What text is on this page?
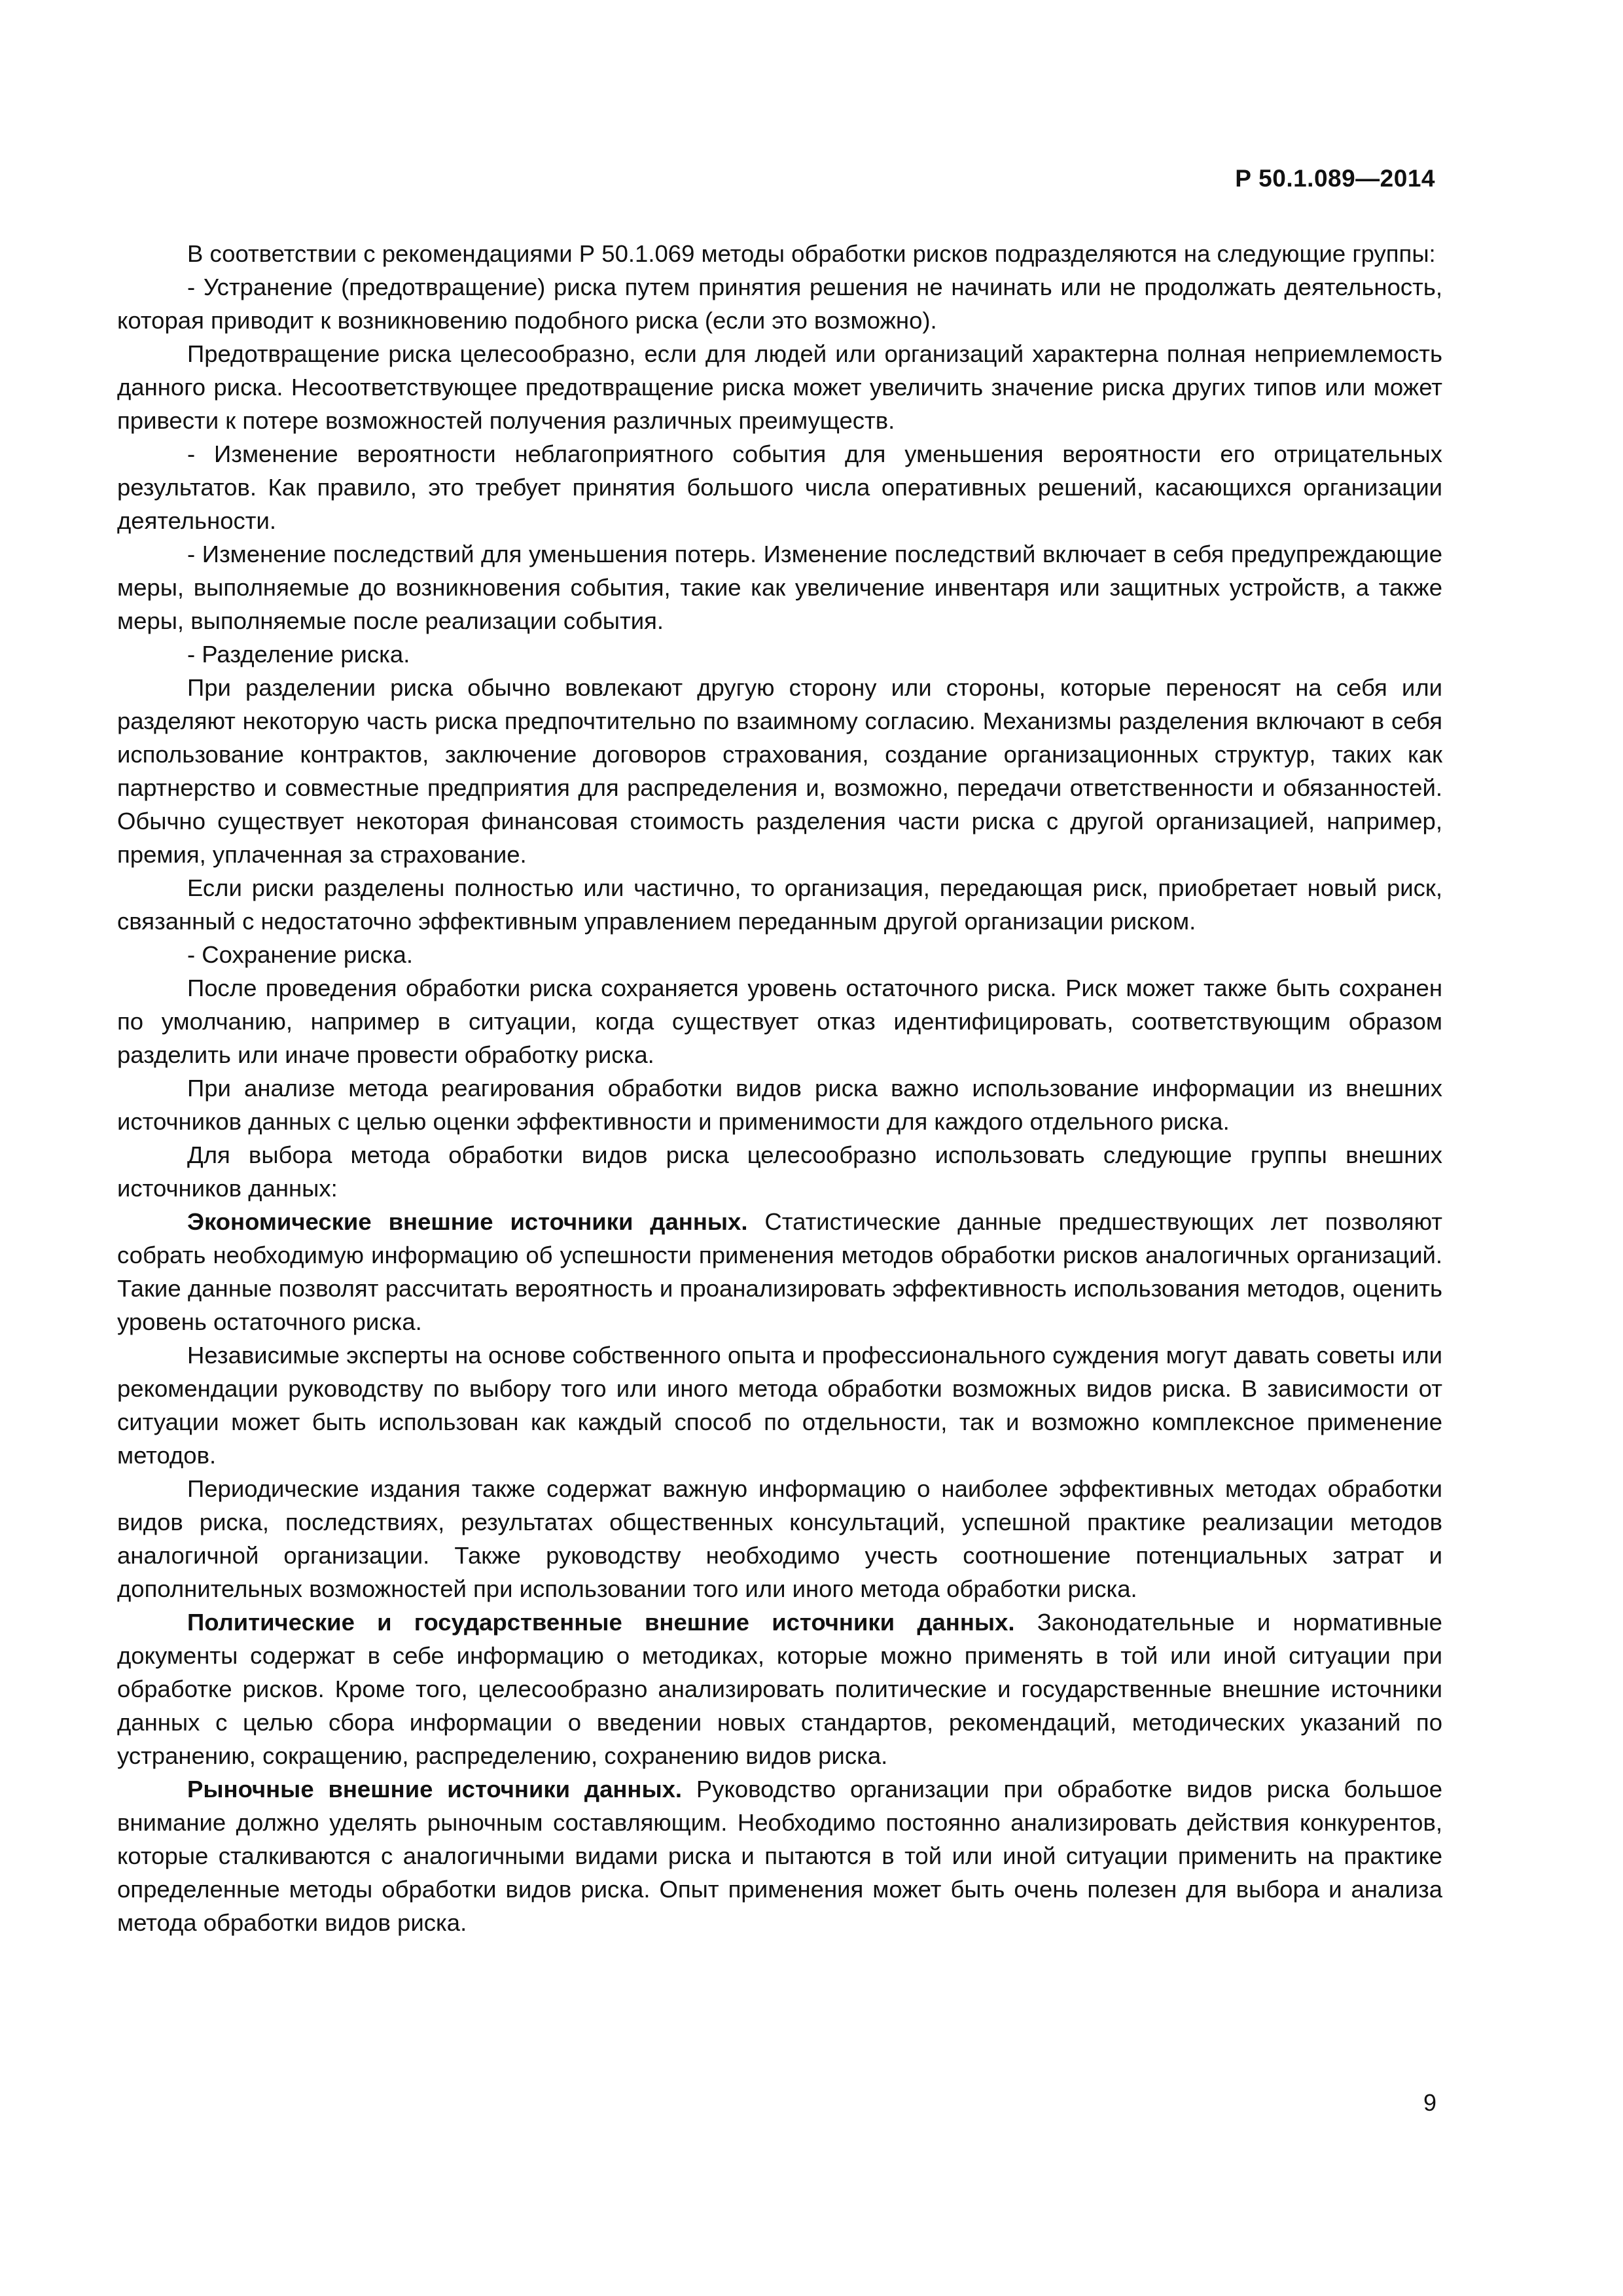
Р 50.1.089—2014

В соответствии с рекомендациями Р 50.1.069 методы обработки рисков подразделяются на следующие группы:

- Устранение (предотвращение) риска путем принятия решения не начинать или не продолжать деятельность, которая приводит к возникновению подобного риска (если это возможно).

Предотвращение риска целесообразно, если для людей или организаций характерна полная неприемлемость данного риска. Несоответствующее предотвращение риска может увеличить значение риска других типов или может привести к потере возможностей получения различных преимуществ.

- Изменение вероятности неблагоприятного события для уменьшения вероятности его отрицательных результатов. Как правило, это требует принятия большого числа оперативных решений, касающихся организации деятельности.

- Изменение последствий для уменьшения потерь. Изменение последствий включает в себя предупреждающие меры, выполняемые до возникновения события, такие как увеличение инвентаря или защитных устройств, а также меры, выполняемые после реализации события.

- Разделение риска.

При разделении риска обычно вовлекают другую сторону или стороны, которые переносят на себя или разделяют некоторую часть риска предпочтительно по взаимному согласию. Механизмы разделения включают в себя использование контрактов, заключение договоров страхования, создание организационных структур, таких как партнерство и совместные предприятия для распределения и, возможно, передачи ответственности и обязанностей. Обычно существует некоторая финансовая стоимость разделения части риска с другой организацией, например, премия, уплаченная за страхование.

Если риски разделены полностью или частично, то организация, передающая риск, приобретает новый риск, связанный с недостаточно эффективным управлением переданным другой организации риском.

- Сохранение риска.

После проведения обработки риска сохраняется уровень остаточного риска. Риск может также быть сохранен по умолчанию, например в ситуации, когда существует отказ идентифицировать, соответствующим образом разделить или иначе провести обработку риска.

При анализе метода реагирования обработки видов риска важно использование информации из внешних источников данных с целью оценки эффективности и применимости для каждого отдельного риска.

Для выбора метода обработки видов риска целесообразно использовать следующие группы внешних источников данных:

Экономические внешние источники данных. Статистические данные предшествующих лет позволяют собрать необходимую информацию об успешности применения методов обработки рисков аналогичных организаций. Такие данные позволят рассчитать вероятность и проанализировать эффективность использования методов, оценить уровень остаточного риска.

Независимые эксперты на основе собственного опыта и профессионального суждения могут давать советы или рекомендации руководству по выбору того или иного метода обработки возможных видов риска. В зависимости от ситуации может быть использован как каждый способ по отдельности, так и возможно комплексное применение методов.

Периодические издания также содержат важную информацию о наиболее эффективных методах обработки видов риска, последствиях, результатах общественных консультаций, успешной практике реализации методов аналогичной организации. Также руководству необходимо учесть соотношение потенциальных затрат и дополнительных возможностей при использовании того или иного метода обработки риска.

Политические и государственные внешние источники данных. Законодательные и нормативные документы содержат в себе информацию о методиках, которые можно применять в той или иной ситуации при обработке рисков. Кроме того, целесообразно анализировать политические и государственные внешние источники данных с целью сбора информации о введении новых стандартов, рекомендаций, методических указаний по устранению, сокращению, распределению, сохранению видов риска.

Рыночные внешние источники данных. Руководство организации при обработке видов риска большое внимание должно уделять рыночным составляющим. Необходимо постоянно анализировать действия конкурентов, которые сталкиваются с аналогичными видами риска и пытаются в той или иной ситуации применить на практике определенные методы обработки видов риска. Опыт применения может быть очень полезен для выбора и анализа метода обработки видов риска.

9
